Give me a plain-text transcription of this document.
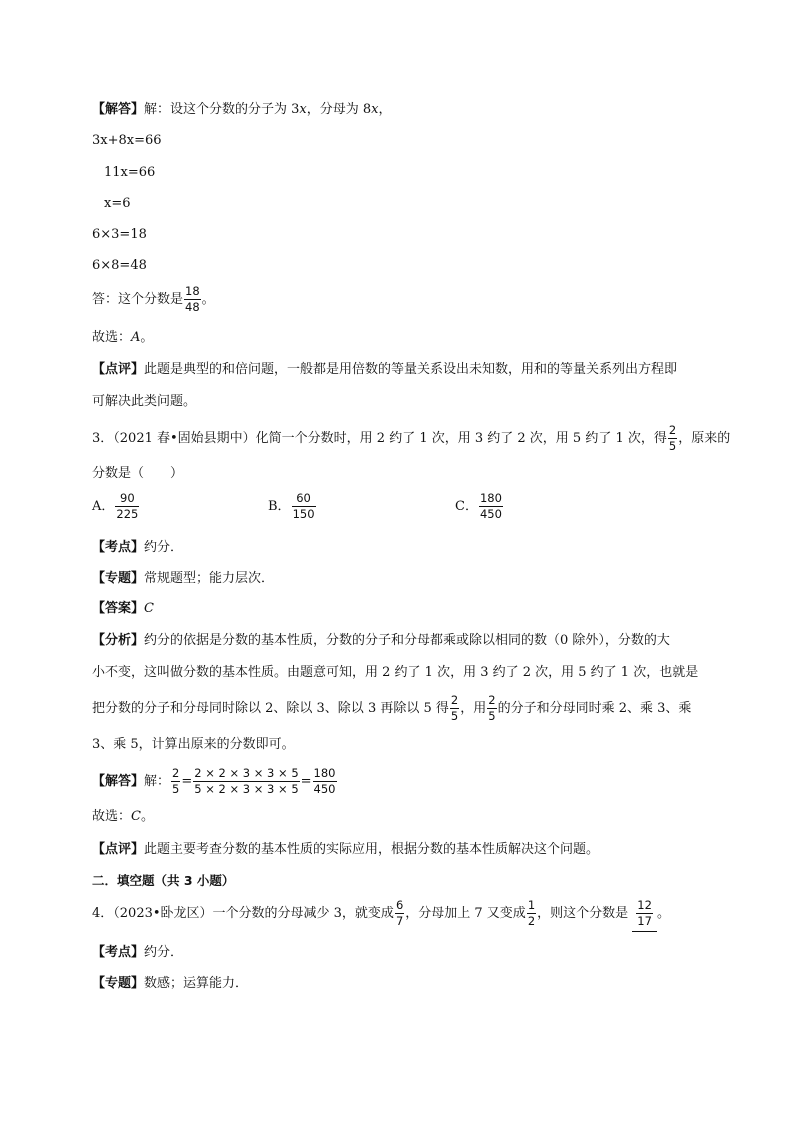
【解答】解：设这个分数的分子为 3x，分母为 8x，
3x+8x=66
11x=66
x=6
6×3=18
6×8=48
答：这个分数是 $\frac{18}{48}$ 。
故选：A。
【点评】此题是典型的和倍问题，一般都是用倍数的等量关系设出未知数，用和的等量关系列出方程即
可解决此类问题。
3．（2021 春•固始县期中）化简一个分数时，用 2 约了 1 次，用 3 约了 2 次，用 5 约了 1 次，得 $\frac{2}{5}$ ，原来的
分数是（　　）
A． $\frac{90}{225}$	B． $\frac{60}{150}$	C． $\frac{180}{450}$
【考点】约分．
【专题】常规题型；能力层次．
【答案】C
【分析】约分的依据是分数的基本性质，分数的分子和分母都乘或除以相同的数（0 除外），分数的大
小不变，这叫做分数的基本性质。由题意可知，用 2 约了 1 次，用 3 约了 2 次，用 5 约了 1 次，也就是
把分数的分子和分母同时除以 2、除以 3、除以 3 再除以 5 得 $\frac{2}{5}$ ，用 $\frac{2}{5}$ 的分子和分母同时乘 2、乘 3、乘
3、乘 5，计算出原来的分数即可。
【解答】解： $\frac{2}{5} = \frac{2 \times 2 \times 3 \times 3 \times 5}{5 \times 2 \times 3 \times 3 \times 5} = \frac{180}{450}$
故选：C。
【点评】此题主要考查分数的基本性质的实际应用，根据分数的基本性质解决这个问题。
二．填空题（共 3 小题）
4．（2023•卧龙区）一个分数的分母减少 3，就变成 $\frac{6}{7}$ ，分母加上 7 又变成 $\frac{1}{2}$ ，则这个分数是 $\frac{12}{17}$ 。
【考点】约分．
【专题】数感；运算能力．
